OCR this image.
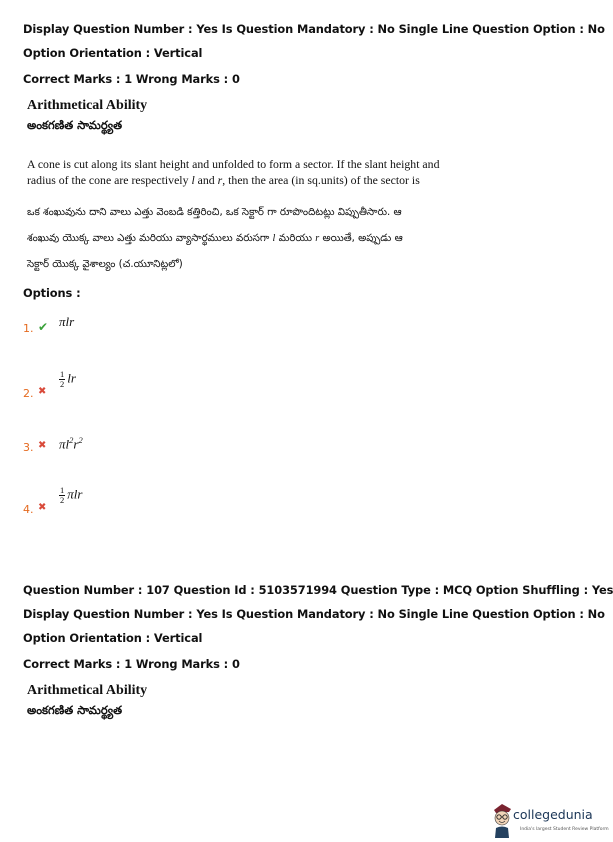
Display Question Number : Yes Is Question Mandatory : No Single Line Question Option : No
Option Orientation : Vertical
Correct Marks : 1 Wrong Marks : 0
Arithmetical Ability
అంకగణిత సామర్థ్యత
A cone is cut along its slant height and unfolded to form a sector. If the slant height and
radius of the cone are respectively l and r, then the area (in sq.units) of the sector is
ఒక శంఖువును దాని వాలు ఎత్తు వెంబడి కత్తిరించి, ఒక సెక్టార్ గా రూపొందిటట్లు విప్పుతీసారు. ఆ
శంఖువు యొక్క వాలు ఎత్తు మరియు వ్యాసార్థములు వరుసగా l మరియు r అయితే, అప్పుడు ఆ
సెక్టార్ యొక్క వైశాల్యం (చ.యూనిట్లలో)
Options :
1. ✔ πlr
2. ✖
$\frac{1}{2}$ lr
3. ✖ $\pi l^2r^2$
4. ✖
$\frac{1}{2}$ πlr
Question Number : 107 Question Id : 5103571994 Question Type : MCQ Option Shuffling : Yes
Display Question Number : Yes Is Question Mandatory : No Single Line Question Option : No
Option Orientation : Vertical
Correct Marks : 1 Wrong Marks : 0
Arithmetical Ability
అంకగణిత సామర్థ్యత
collegedunia
India's largest Student Review Platform
